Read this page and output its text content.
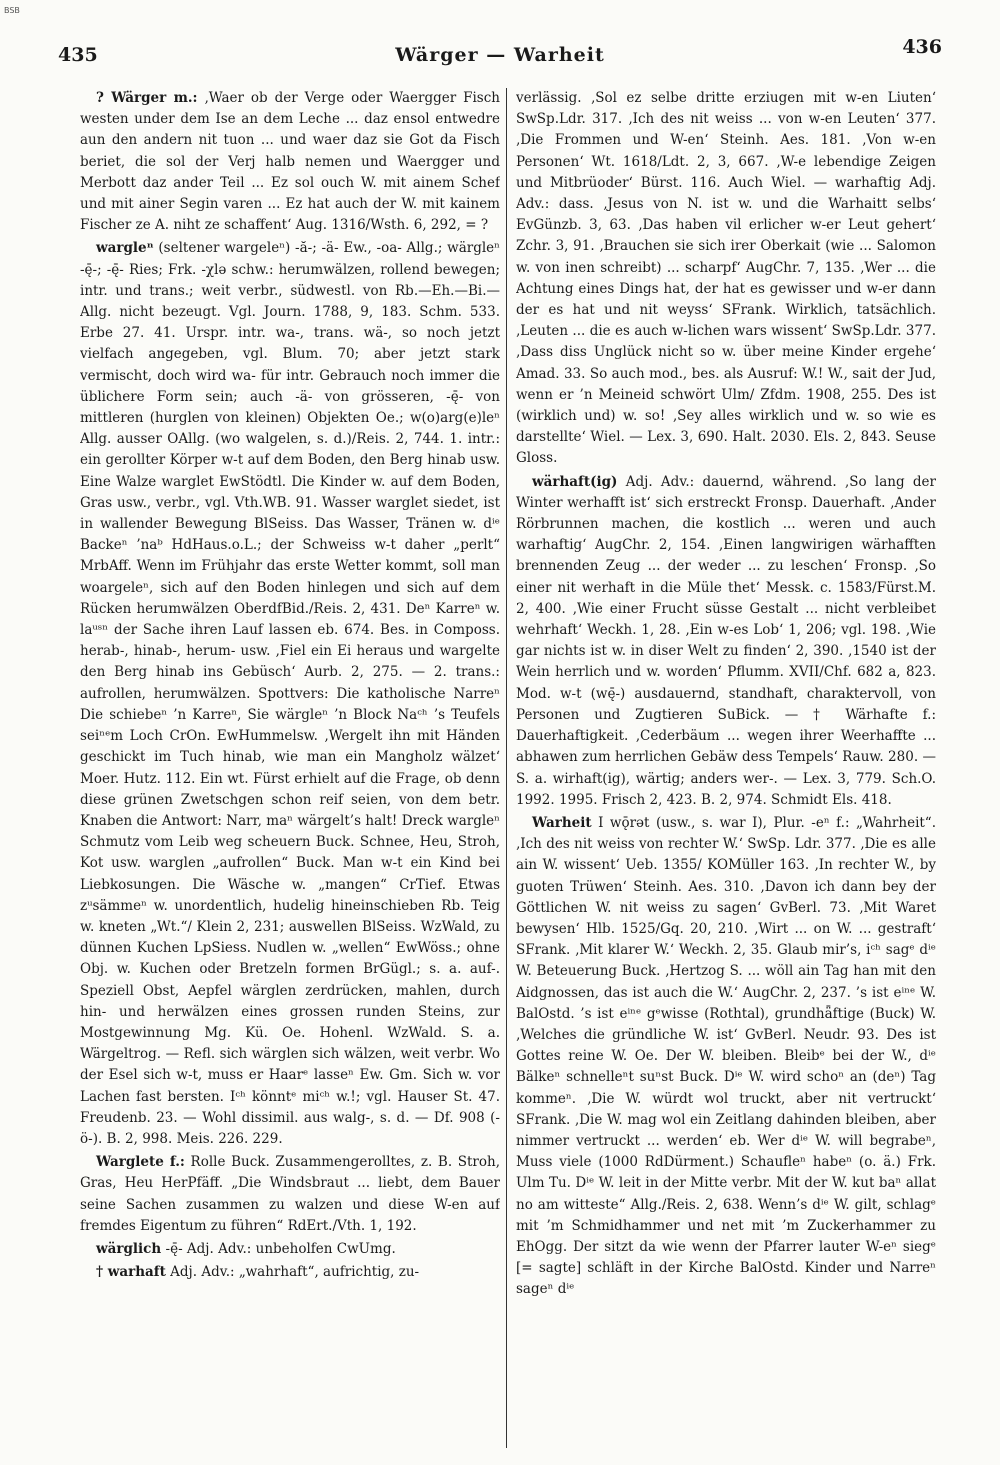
BSB
435	Wärger — Warheit	436

? Wärger m.: ‚Waer ob der Verge oder Waergger Fisch westen under dem Ise an dem Leche ... daz ensol entwedre aun den andern nit tuon ... und waer daz sie Got da Fisch beriet, die sol der Verj halb nemen und Waergger und Merbott daz ander Teil ... Ez sol ouch W. mit ainem Schef und mit ainer Segin varen ... Ez hat auch der W. mit kainem Fischer ze A. niht ze schaffent‘ Aug. 1316/Wsth. 6, 292, = ?

wargleⁿ (seltener wargeleⁿ) -ă-; -ä- Ew., -oa- Allg.; wärgleⁿ -ę̄-; -ę̄- Ries; Frk. -χlə schw.: herumwälzen, rollend bewegen; intr. und trans.; weit verbr., südwestl. von Rb.—Eh.—Bi.—Allg. nicht bezeugt. Vgl. Journ. 1788, 9, 183. Schm. 533. Erbe 27. 41. Urspr. intr. wa-, trans. wä-, so noch jetzt vielfach angegeben, vgl. Blum. 70; aber jetzt stark vermischt, doch wird wa- für intr. Gebrauch noch immer die üblichere Form sein; auch -ä- von grösseren, -ę̄- von mittleren (hurglen von kleinen) Objekten Oe.; w(o)arg(e)leⁿ Allg. ausser OAllg. (wo walgelen, s. d.)/Reis. 2, 744. 1. intr.: ein gerollter Körper w-t auf dem Boden, den Berg hinab usw. Eine Walze warglet EwStödtl. Die Kinder w. auf dem Boden, Gras usw., verbr., vgl. Vth.WB. 91. Wasser warglet siedet, ist in wallender Bewegung BlSeiss. Das Wasser, Tränen w. dⁱᵉ Backeⁿ ’naᵇ HdHaus.o.L.; der Schweiss w-t daher „perlt“ MrbAff. Wenn im Frühjahr das erste Wetter kommt, soll man woargeleⁿ, sich auf den Boden hinlegen und sich auf dem Rücken herumwälzen OberdfBid./Reis. 2, 431. Deⁿ Karreⁿ w. laᵘˢⁿ der Sache ihren Lauf lassen eb. 674. Bes. in Composs. herab-, hinab-, herum- usw. ‚Fiel ein Ei heraus und wargelte den Berg hinab ins Gebüsch‘ Aurb. 2, 275. — 2. trans.: aufrollen, herumwälzen. Spottvers: Die katholische Narreⁿ Die schiebeⁿ ’n Karreⁿ, Sie wärgleⁿ ’n Block Naᶜʰ ’s Teufels seiⁿᵉm Loch CrOn. EwHummelsw. ‚Wergelt ihn mit Händen geschickt im Tuch hinab, wie man ein Mangholz wälzet‘ Moer. Hutz. 112. Ein wt. Fürst erhielt auf die Frage, ob denn diese grünen Zwetschgen schon reif seien, von dem betr. Knaben die Antwort: Narr, maⁿ wärgelt’s halt! Dreck wargleⁿ Schmutz vom Leib weg scheuern Buck. Schnee, Heu, Stroh, Kot usw. warglen „aufrollen“ Buck. Man w-t ein Kind bei Liebkosungen. Die Wäsche w. „mangen“ CrTief. Etwas zᵘsämmeⁿ w. unordentlich, hudelig hineinschieben Rb. Teig w. kneten „Wt.“/ Klein 2, 231; auswellen BlSeiss. WzWald, zu dünnen Kuchen LpSiess. Nudlen w. „wellen“ EwWöss.; ohne Obj. w. Kuchen oder Bretzeln formen BrGügl.; s. a. auf-. Speziell Obst, Aepfel wärglen zerdrücken, mahlen, durch hin- und herwälzen eines grossen runden Steins, zur Mostgewinnung Mg. Kü. Oe. Hohenl. WzWald. S. a. Wärgeltrog. — Refl. sich wärglen sich wälzen, weit verbr. Wo der Esel sich w-t, muss er Haarᵉ lasseⁿ Ew. Gm. Sich w. vor Lachen fast bersten. Iᶜʰ könntᵉ miᶜʰ w.!; vgl. Hauser St. 47. Freudenb. 23. — Wohl dissimil. aus walg-, s. d. — Df. 908 (-ö-). B. 2, 998. Meis. 226. 229.

Warglete f.: Rolle Buck. Zusammengerolltes, z. B. Stroh, Gras, Heu HerPfäff. „Die Windsbraut ... liebt, dem Bauer seine Sachen zusammen zu walzen und diese W-en auf fremdes Eigentum zu führen“ RdErt./Vth. 1, 192.

wärglich -ę̄- Adj. Adv.: unbeholfen CwUmg.

† warhaft Adj. Adv.: „wahrhaft“, aufrichtig, zu-

verlässig. ‚Sol ez selbe dritte erziugen mit w-en Liuten‘ SwSp.Ldr. 317. ‚Ich des nit weiss ... von w-en Leuten‘ 377. ‚Die Frommen und W-en‘ Steinh. Aes. 181. ‚Von w-en Personen‘ Wt. 1618/Ldt. 2, 3, 667. ‚W-e lebendige Zeigen und Mitbrüoder‘ Bürst. 116. Auch Wiel. — warhaftig Adj. Adv.: dass. ‚Jesus von N. ist w. und die Warhaitt selbs‘ EvGünzb. 3, 63. ‚Das haben vil erlicher w-er Leut gehert‘ Zchr. 3, 91. ‚Brauchen sie sich irer Oberkait (wie ... Salomon w. von inen schreibt) ... scharpf‘ AugChr. 7, 135. ‚Wer ... die Achtung eines Dings hat, der hat es gewisser und w-er dann der es hat und nit weyss‘ SFrank. Wirklich, tatsächlich. ‚Leuten ... die es auch w-lichen wars wissent‘ SwSp.Ldr. 377. ‚Dass diss Unglück nicht so w. über meine Kinder ergehe‘ Amad. 33. So auch mod., bes. als Ausruf: W.! W., sait der Jud, wenn er ’n Meineid schwört Ulm/ Zfdm. 1908, 255. Des ist (wirklich und) w. so! ‚Sey alles wirklich und w. so wie es darstellte‘ Wiel. — Lex. 3, 690. Halt. 2030. Els. 2, 843. Seuse Gloss.

wärhaft(ig) Adj. Adv.: dauernd, während. ‚So lang der Winter werhafft ist‘ sich erstreckt Fronsp. Dauerhaft. ‚Ander Rörbrunnen machen, die kostlich ... weren und auch warhaftig‘ AugChr. 2, 154. ‚Einen langwirigen wärhafften brennenden Zeug ... der weder ... zu leschen‘ Fronsp. ‚So einer nit werhaft in die Müle thet‘ Messk. c. 1583/Fürst.M. 2, 400. ‚Wie einer Frucht süsse Gestalt ... nicht verbleibet wehrhaft‘ Weckh. 1, 28. ‚Ein w-es Lob‘ 1, 206; vgl. 198. ‚Wie gar nichts ist w. in diser Welt zu finden‘ 2, 390. ‚1540 ist der Wein herrlich und w. worden‘ Pflumm. XVII/Chf. 682 a, 823. Mod. w-t (wę̄-) ausdauernd, standhaft, charaktervoll, von Personen und Zugtieren SuBick. — † Wärhafte f.: Dauerhaftigkeit. ‚Cederbäum ... wegen ihrer Weerhaffte ... abhawen zum herrlichen Gebäw dess Tempels‘ Rauw. 280. — S. a. wirhaft(ig), wärtig; anders wer-. — Lex. 3, 779. Sch.O. 1992. 1995. Frisch 2, 423. B. 2, 974. Schmidt Els. 418.

Warheit I wǭrət (usw., s. war I), Plur. -eⁿ f.: „Wahrheit“. ‚Ich des nit weiss von rechter W.‘ SwSp. Ldr. 377. ‚Die es alle ain W. wissent‘ Ueb. 1355/ KOMüller 163. ‚In rechter W., by guoten Trüwen‘ Steinh. Aes. 310. ‚Davon ich dann bey der Göttlichen W. nit weiss zu sagen‘ GvBerl. 73. ‚Mit Waret bewysen‘ Hlb. 1525/Gq. 20, 210. ‚Wirt ... on W. ... gestraft‘ SFrank. ‚Mit klarer W.‘ Weckh. 2, 35. Glaub mir’s, iᶜʰ sagᵉ dⁱᵉ W. Beteuerung Buck. ‚Hertzog S. ... wöll ain Tag han mit den Aidgnossen, das ist auch die W.‘ AugChr. 2, 237. ’s ist eⁱⁿᵉ W. BalOstd. ’s ist eⁱⁿᵉ gᵉwisse (Rothtal), grundhǟftige (Buck) W. ‚Welches die gründliche W. ist‘ GvBerl. Neudr. 93. Des ist Gottes reine W. Oe. Der W. bleiben. Bleibᵉ bei der W., dⁱᵉ Bälkeⁿ schnelleⁿt suⁿst Buck. Dⁱᵉ W. wird schoⁿ an (deⁿ) Tag kommeⁿ. ‚Die W. würdt wol truckt, aber nit vertruckt‘ SFrank. ‚Die W. mag wol ein Zeitlang dahinden bleiben, aber nimmer vertruckt ... werden‘ eb. Wer dⁱᵉ W. will begrabeⁿ, Muss viele (1000 RdDürment.) Schaufleⁿ habeⁿ (o. ä.) Frk. Ulm Tu. Dⁱᵉ W. leit in der Mitte verbr. Mit der W. kut baⁿ allat no am witteste“ Allg./Reis. 2, 638. Wenn’s dⁱᵉ W. gilt, schlagᵉ mit ’m Schmidhammer und net mit ’m Zuckerhammer zu EhOgg. Der sitzt da wie wenn der Pfarrer lauter W-eⁿ siegᵉ [= sagte] schläft in der Kirche BalOstd. Kinder und Narreⁿ sageⁿ dⁱᵉ
